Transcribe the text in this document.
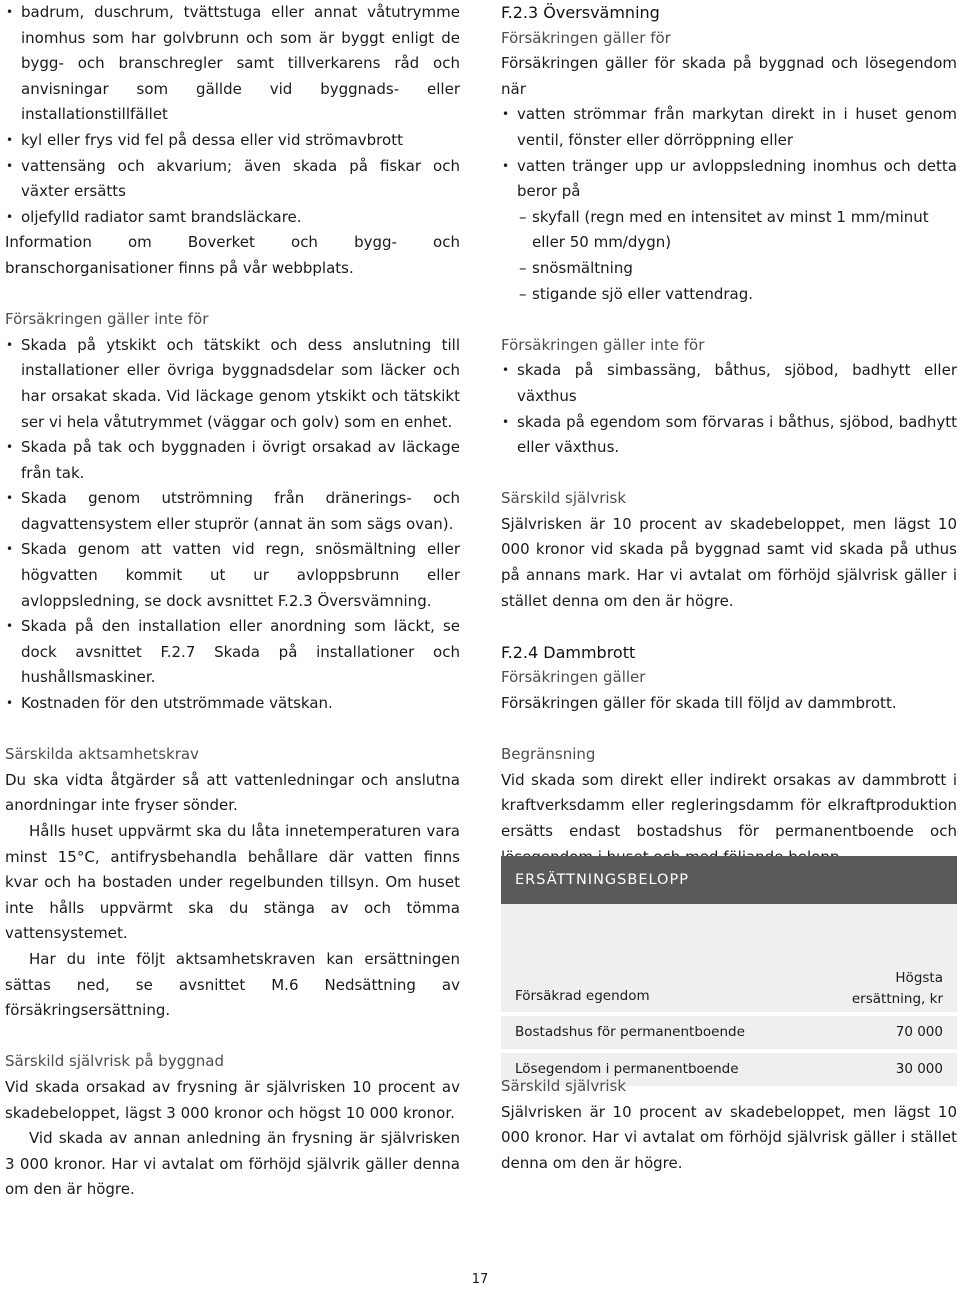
• badrum, duschrum, tvättstuga eller annat våtutrymme inomhus som har golvbrunn och som är byggt enligt de bygg- och branschregler samt tillverkarens råd och anvisningar som gällde vid byggnads- eller installationstillfället
• kyl eller frys vid fel på dessa eller vid strömavbrott
• vattensäng och akvarium; även skada på fiskar och växter ersätts
• oljefylld radiator samt brandsläckare.

Information om Boverket och bygg- och branschorganisationer finns på vår webbplats.

Försäkringen gäller inte för

• Skada på ytskikt och tätskikt och dess anslutning till installationer eller övriga byggnadsdelar som läcker och har orsakat skada. Vid läckage genom ytskikt och tätskikt ser vi hela våtutrymmet (väggar och golv) som en enhet.
• Skada på tak och byggnaden i övrigt orsakad av läckage från tak.
• Skada genom utströmning från dränerings- och dagvattensystem eller stuprör (annat än som sägs ovan).
• Skada genom att vatten vid regn, snösmältning eller högvatten kommit ut ur avloppsbrunn eller avloppsledning, se dock avsnittet F.2.3 Översvämning.
• Skada på den installation eller anordning som läckt, se dock avsnittet F.2.7 Skada på installationer och hushållsmaskiner.
• Kostnaden för den utströmmade vätskan.

Särskilda aktsamhetskrav

Du ska vidta åtgärder så att vattenledningar och anslutna anordningar inte fryser sönder.

Hålls huset uppvärmt ska du låta innetemperaturen vara minst 15°C, antifrysbehandla behållare där vatten finns kvar och ha bostaden under regelbunden tillsyn. Om huset inte hålls uppvärmt ska du stänga av och tömma vattensystemet.

Har du inte följt aktsamhetskraven kan ersättningen sättas ned, se avsnittet M.6 Nedsättning av försäkringsersättning.

Särskild självrisk på byggnad

Vid skada orsakad av frysning är självrisken 10 procent av skadebeloppet, lägst 3 000 kronor och högst 10 000 kronor.

Vid skada av annan anledning än frysning är självrisken 3 000 kronor. Har vi avtalat om förhöjd självrik gäller denna om den är högre.

F.2.3 Översvämning

Försäkringen gäller för

Försäkringen gäller för skada på byggnad och lösegendom när

• vatten strömmar från markytan direkt in i huset genom ventil, fönster eller dörröppning eller
• vatten tränger upp ur avloppsledning inomhus och detta beror på
– skyfall (regn med en intensitet av minst 1 mm/minut eller 50 mm/dygn)
– snösmältning
– stigande sjö eller vattendrag.

Försäkringen gäller inte för

• skada på simbassäng, båthus, sjöbod, badhytt eller växthus
• skada på egendom som förvaras i båthus, sjöbod, badhytt eller växthus.

Särskild självrisk

Självrisken är 10 procent av skadebeloppet, men lägst 10 000 kronor vid skada på byggnad samt vid skada på uthus på annans mark. Har vi avtalat om förhöjd självrisk gäller i stället denna om den är högre.

F.2.4 Dammbrott

Försäkringen gäller

Försäkringen gäller för skada till följd av dammbrott.

Begränsning

Vid skada som direkt eller indirekt orsakas av dammbrott i kraftverksdamm eller regleringsdamm för elkraftproduktion ersätts endast bostadshus för permanentboende och

ERSÄTTNINGSBELOPP
Försäkrad egendom
Högsta
ersättning, kr
Bostadshus för permanentboende	70 000
Lösegendom i permanentboende	30 000

Särskild självrisk

Självrisken är 10 procent av skadebeloppet, men lägst 10 000 kronor. Har vi avtalat om förhöjd självrisk gäller i stället denna om den är högre.

17
